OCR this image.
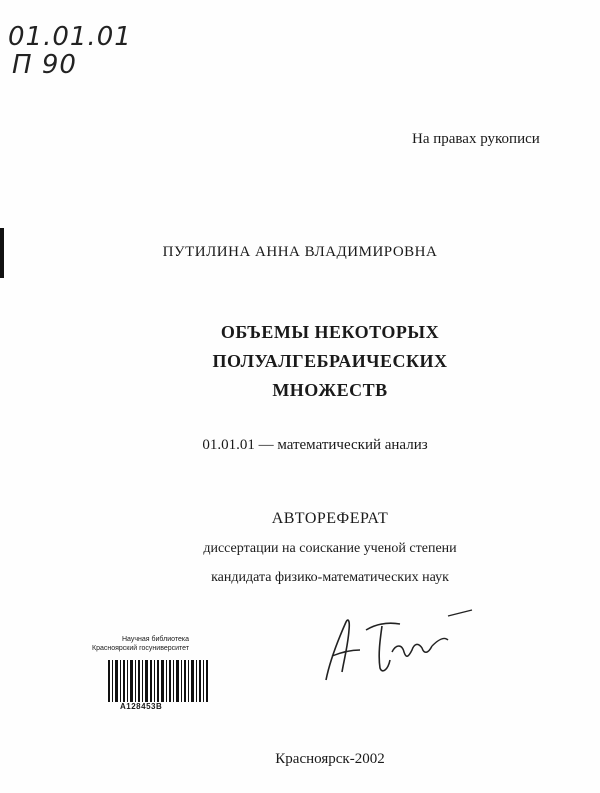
01.01.01
П 90
На правах рукописи
ПУТИЛИНА АННА ВЛАДИМИРОВНА
ОБЪЕМЫ НЕКОТОРЫХ
ПОЛУАЛГЕБРАИЧЕСКИХ
МНОЖЕСТВ
01.01.01 — математический анализ
АВТОРЕФЕРАТ
диссертации на соискание ученой степени
кандидата физико-математических наук
Научная библиотека
Красноярский госуниверситет
A128453B
Красноярск-2002
